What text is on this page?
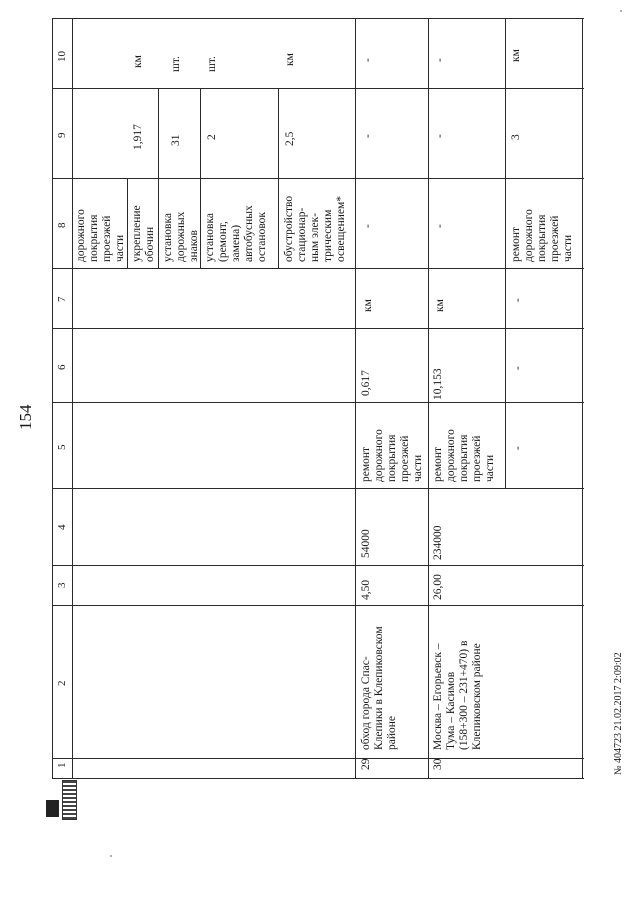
154
1
2
3
4
5
6
7
8
9
10
дорожного покрытия проезжей части укрепление обочин
1,917
км
установка дорожных знаков
31
шт.
установка (ремонт, замена) автобусных остановок
2
шт.
обустройство стационар- ным элек- трическим освещением*
2,5
км
29
обход города Спас- Клепики в Клепиковском районе
4,50
54000
ремонт дорожного покрытия проезжей части
0,617
км
-
-
-
30
Москва – Егорьевск – Тума – Касимов (158+300 – 231+470) в Клепиковском районе
26,00
234000
ремонт дорожного покрытия проезжей части
10,153
км
-
-
-
-
-
-
ремонт дорожного покрытия проезжей части
3
км
№ 404723 21.02.2017 2:09:02
